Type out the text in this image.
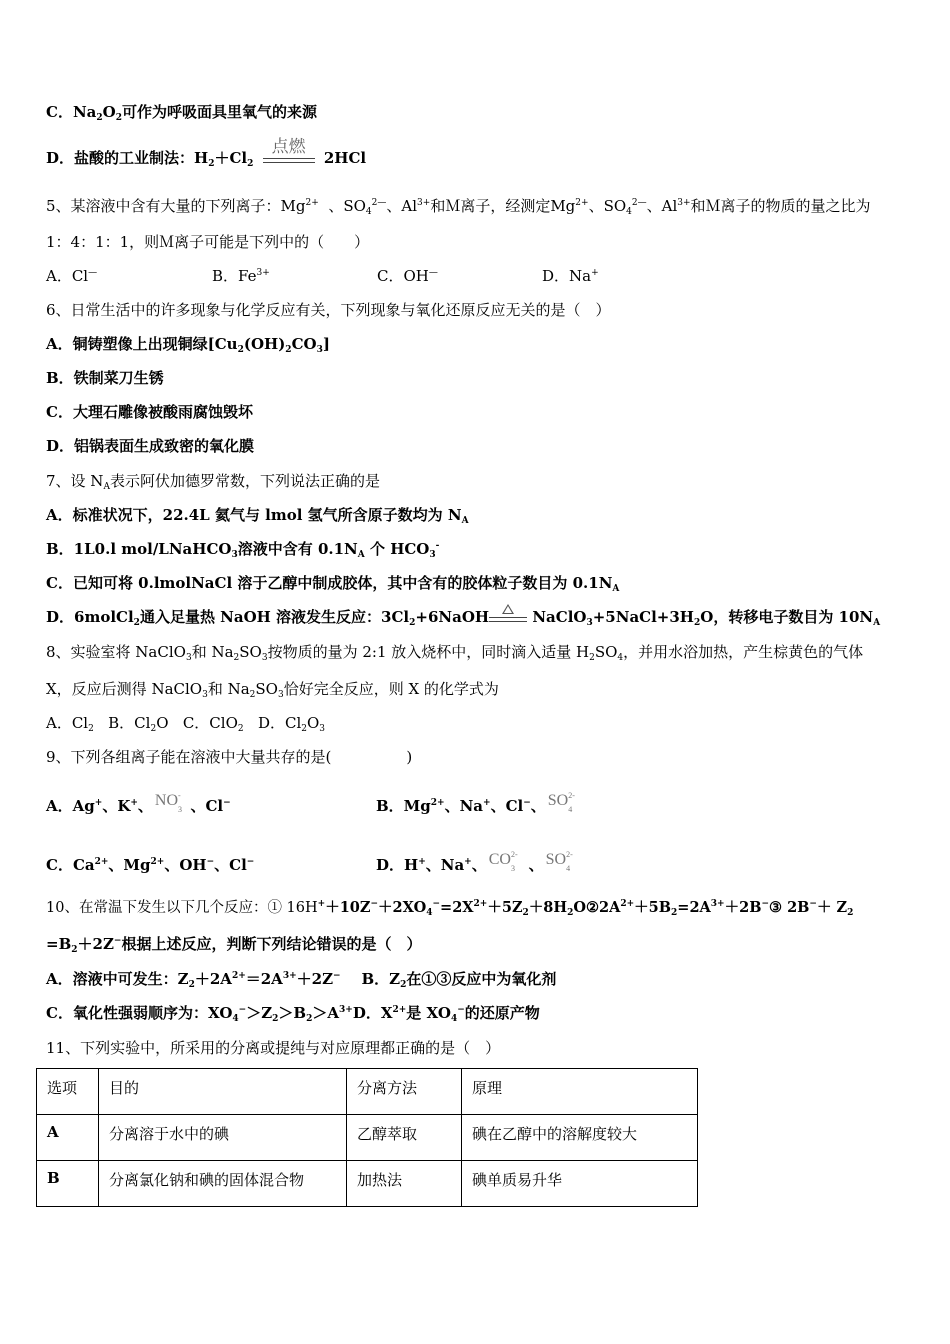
C．$Na_2O_2$可作为呼吸面具里氧气的来源
D．盐酸的工业制法：$H_2+Cl_2$
点燃
2HCl
5、某溶液中含有大量的下列离子：$Mg^{2+}$ 、$SO_4^{2—}$、$Al^{3+}$和Ｍ离子，经测定$Mg^{2+}$、$SO_4^{2—}$、$Al^{3+}$和Ｍ离子的物质的量之比为
1：4：1：1，则Ｍ离子可能是下列中的（　　）
A．Cl—	B．$Fe^{3+}$	C．OH—	D．Na+
6、日常生活中的许多现象与化学反应有关，下列现象与氧化还原反应无关的是（　）
A．铜铸塑像上出现铜绿$[Cu_2(OH)_2CO_3]$
B．铁制菜刀生锈
C．大理石雕像被酸雨腐蚀毁坏
D．铝锅表面生成致密的氧化膜
7、设 $N_A$表示阿伏加德罗常数，下列说法正确的是
A．标准状况下，22.4L 氦气与 lmol 氢气所含原子数均为 $N_A$
B．1L0.l mol/LNaHCO$_3$溶液中含有 $0.1N_A$ 个 $HCO_3^-$
C．已知可将 0.lmolNaCl 溶于乙醇中制成胶体，其中含有的胶体粒子数目为 $0.1N_A$
D．6molCl$_2$通入足量热 NaOH 溶液发生反应：$3Cl_2+6NaOH$	$NaClO_3+5NaCl+3H_2O$，转移电子数目为 $10N_A$
8、实验室将 NaClO$_3$和 $Na_2SO_3$按物质的量为 2:1 放入烧杯中，同时滴入适量 $H_2SO_4$，并用水浴加热，产生棕黄色的气体
X，反应后测得 NaClO$_3$和 $Na_2SO_3$恰好完全反应，则 X 的化学式为
A．$Cl_2$ B．$Cl_2O$ C．ClO$_2$ D．$Cl_2O_3$
9、下列各组离子能在溶液中大量共存的是(　　　　　)
A．Ag+、K+、 NO -
3 、Cl−	B．$Mg^{2+}$、Na+、Cl−、 SO 2-
4
C．$Ca^{2+}$、$Mg^{2+}$、OH−、Cl−	D．H+、Na+、 CO 2-
3 、 SO 2-
4
10、在常温下发生以下几个反应：① $16H^++10Z^-+2XO_4^-=2X^{2+}+5Z_2+8H_2O②2A^{2+}+5B_2=2A^{3+}+2B^-③$ $2B^-+ Z_2$
$=B_2+2Z^-$根据上述反应，判断下列结论错误的是（　）
A．溶液中可发生：$Z_2+2A^{2+}=2A^{3+}+2Z^-$ B．$Z_2$在①③反应中为氧化剂
C．氧化性强弱顺序为：$XO_4^->Z_2>B_2>A^{3+}D$．$X^{2+}$是 $XO_4^-$的还原产物
11、下列实验中，所采用的分离或提纯与对应原理都正确的是（　）
选项	目的	分离方法	原理
A	分离溶于水中的碘	乙醇萃取	碘在乙醇中的溶解度较大
B	分离氯化钠和碘的固体混合物	加热法	碘单质易升华
